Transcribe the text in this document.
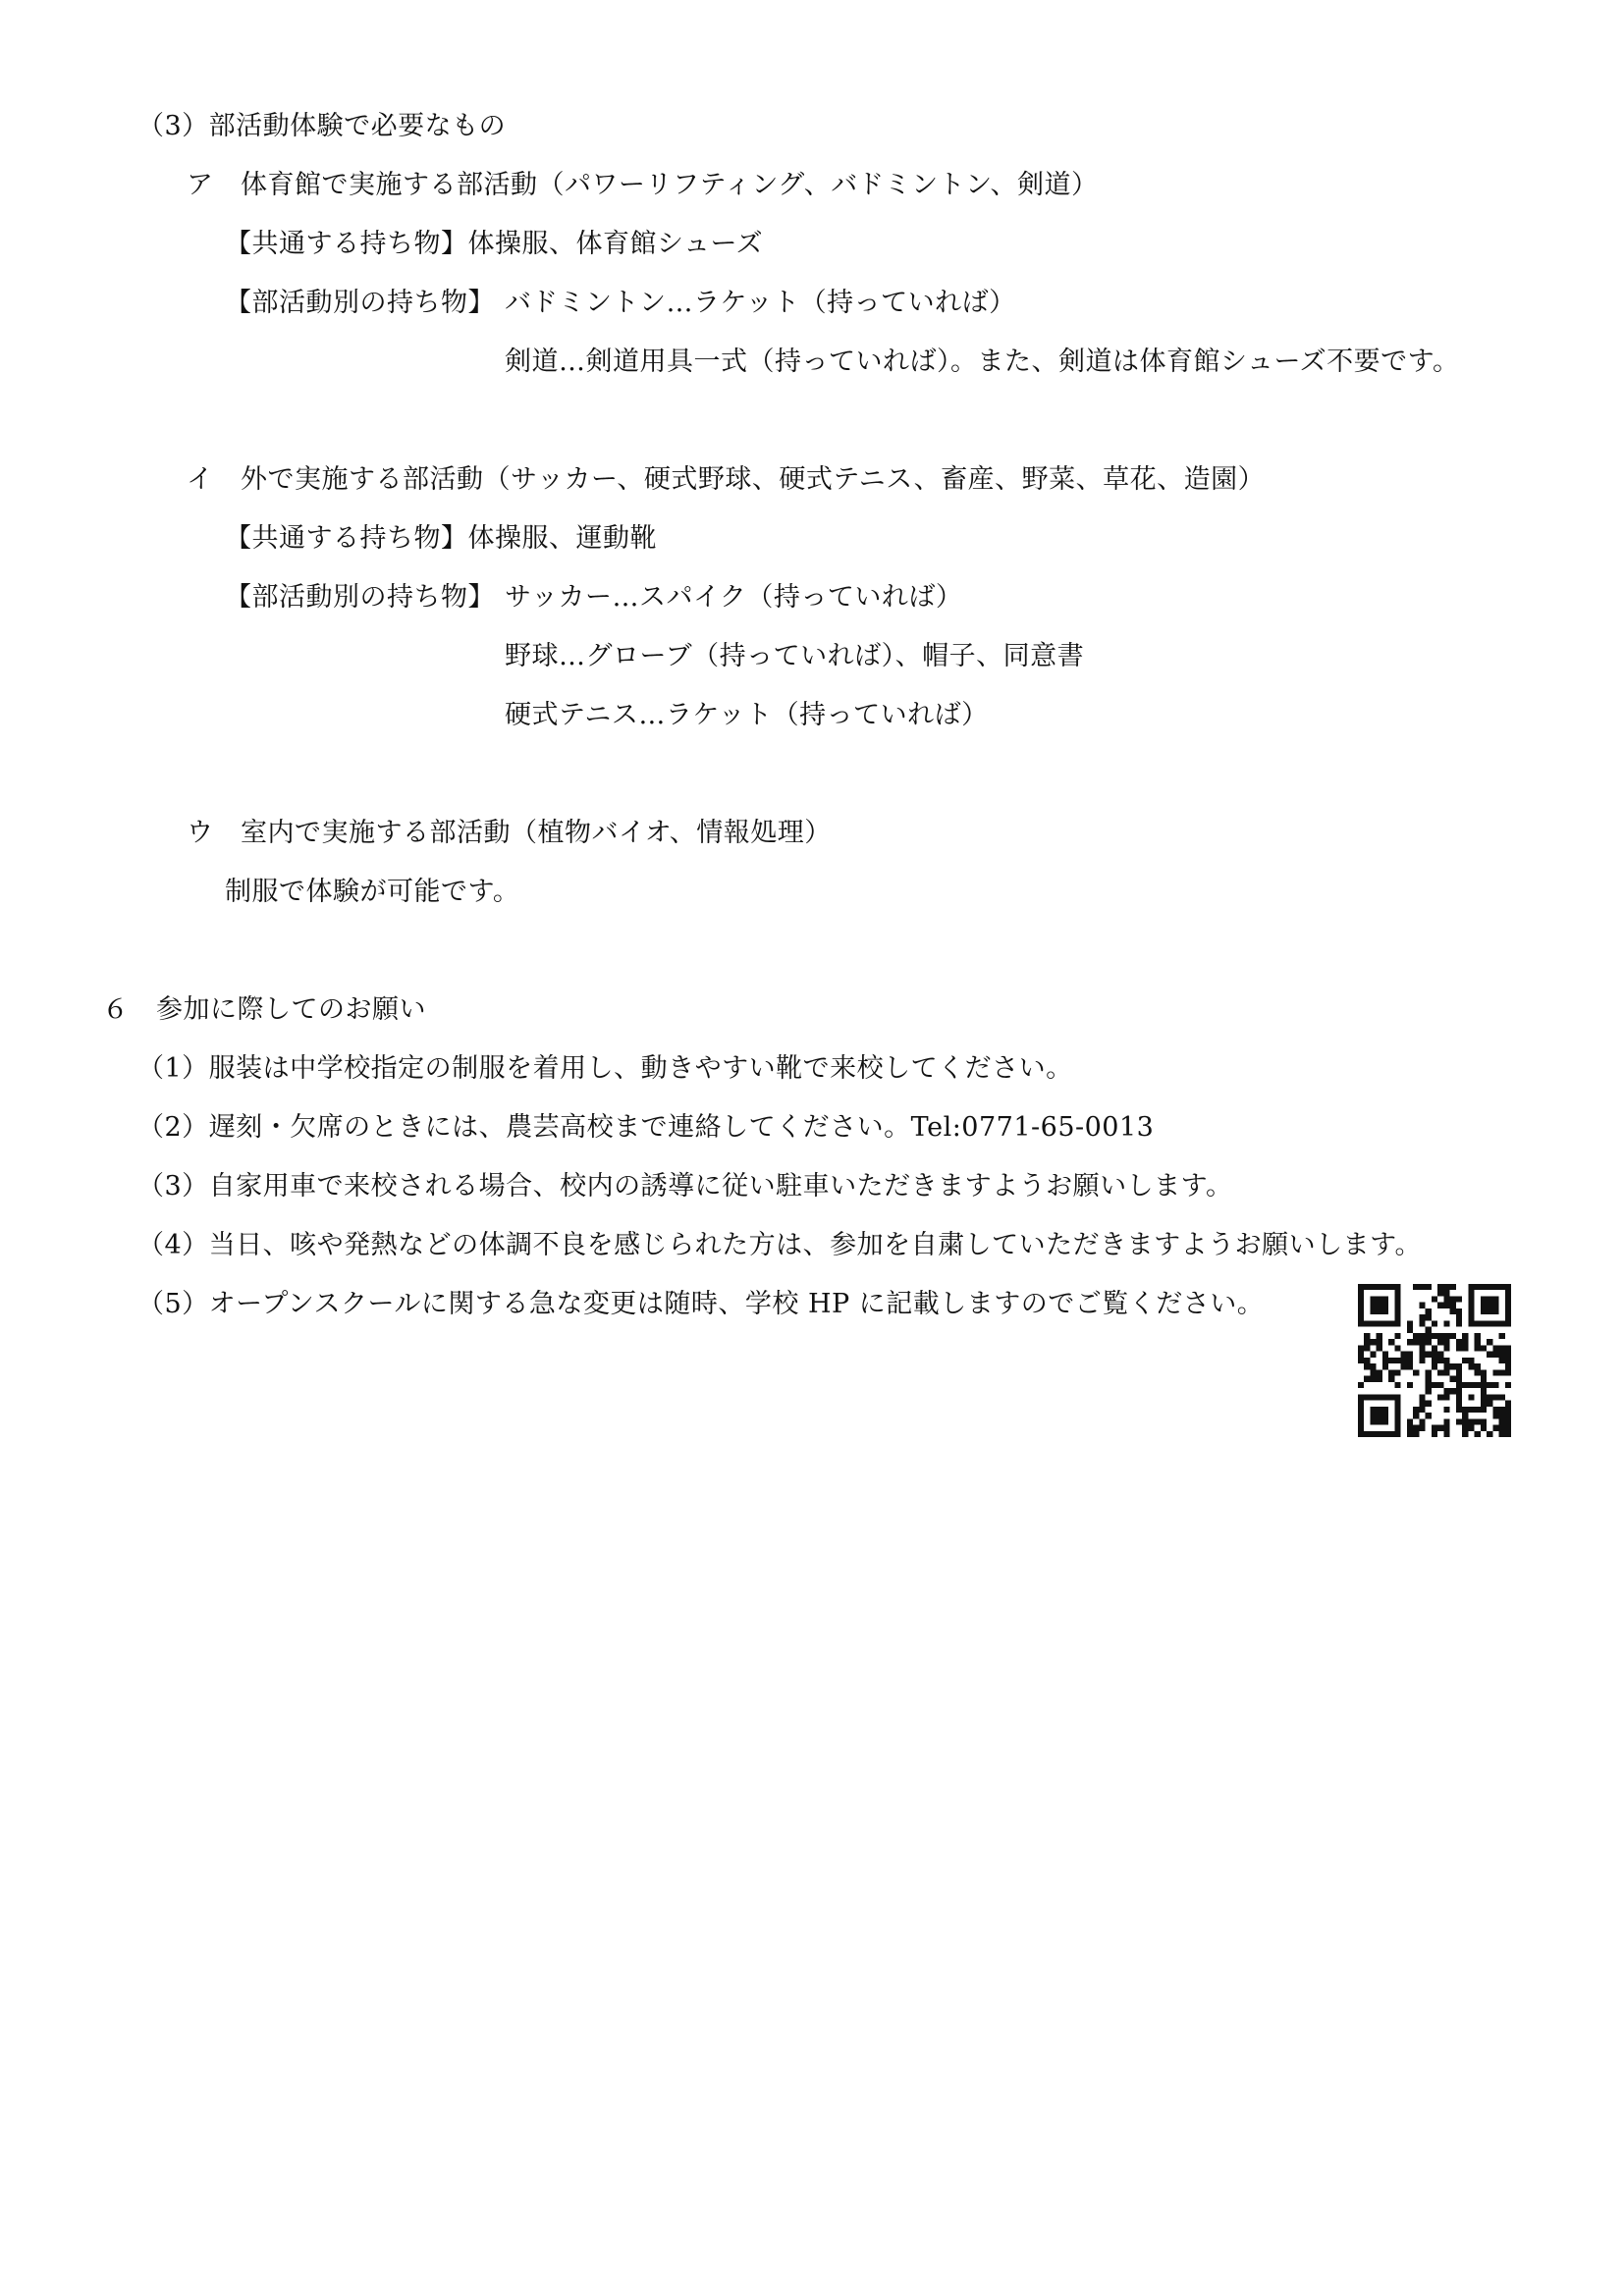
（3）部活動体験で必要なもの
ア　体育館で実施する部活動（パワーリフティング、バドミントン、剣道）
【共通する持ち物】体操服、体育館シューズ
【部活動別の持ち物】 バドミントン…ラケット（持っていれば）
剣道…剣道用具一式（持っていれば）。また、剣道は体育館シューズ不要です。
イ　外で実施する部活動（サッカー、硬式野球、硬式テニス、畜産、野菜、草花、造園）
【共通する持ち物】体操服、運動靴
【部活動別の持ち物】 サッカー…スパイク（持っていれば）
野球…グローブ（持っていれば）、帽子、同意書
硬式テニス…ラケット（持っていれば）
ウ　室内で実施する部活動（植物バイオ、情報処理）
制服で体験が可能です。
６　参加に際してのお願い
（1）服装は中学校指定の制服を着用し、動きやすい靴で来校してください。
（2）遅刻・欠席のときには、農芸高校まで連絡してください。Tel:0771-65-0013
（3）自家用車で来校される場合、校内の誘導に従い駐車いただきますようお願いします。
（4）当日、咳や発熱などの体調不良を感じられた方は、参加を自粛していただきますようお願いします。
（5）オープンスクールに関する急な変更は随時、学校 HP に記載しますのでご覧ください。
